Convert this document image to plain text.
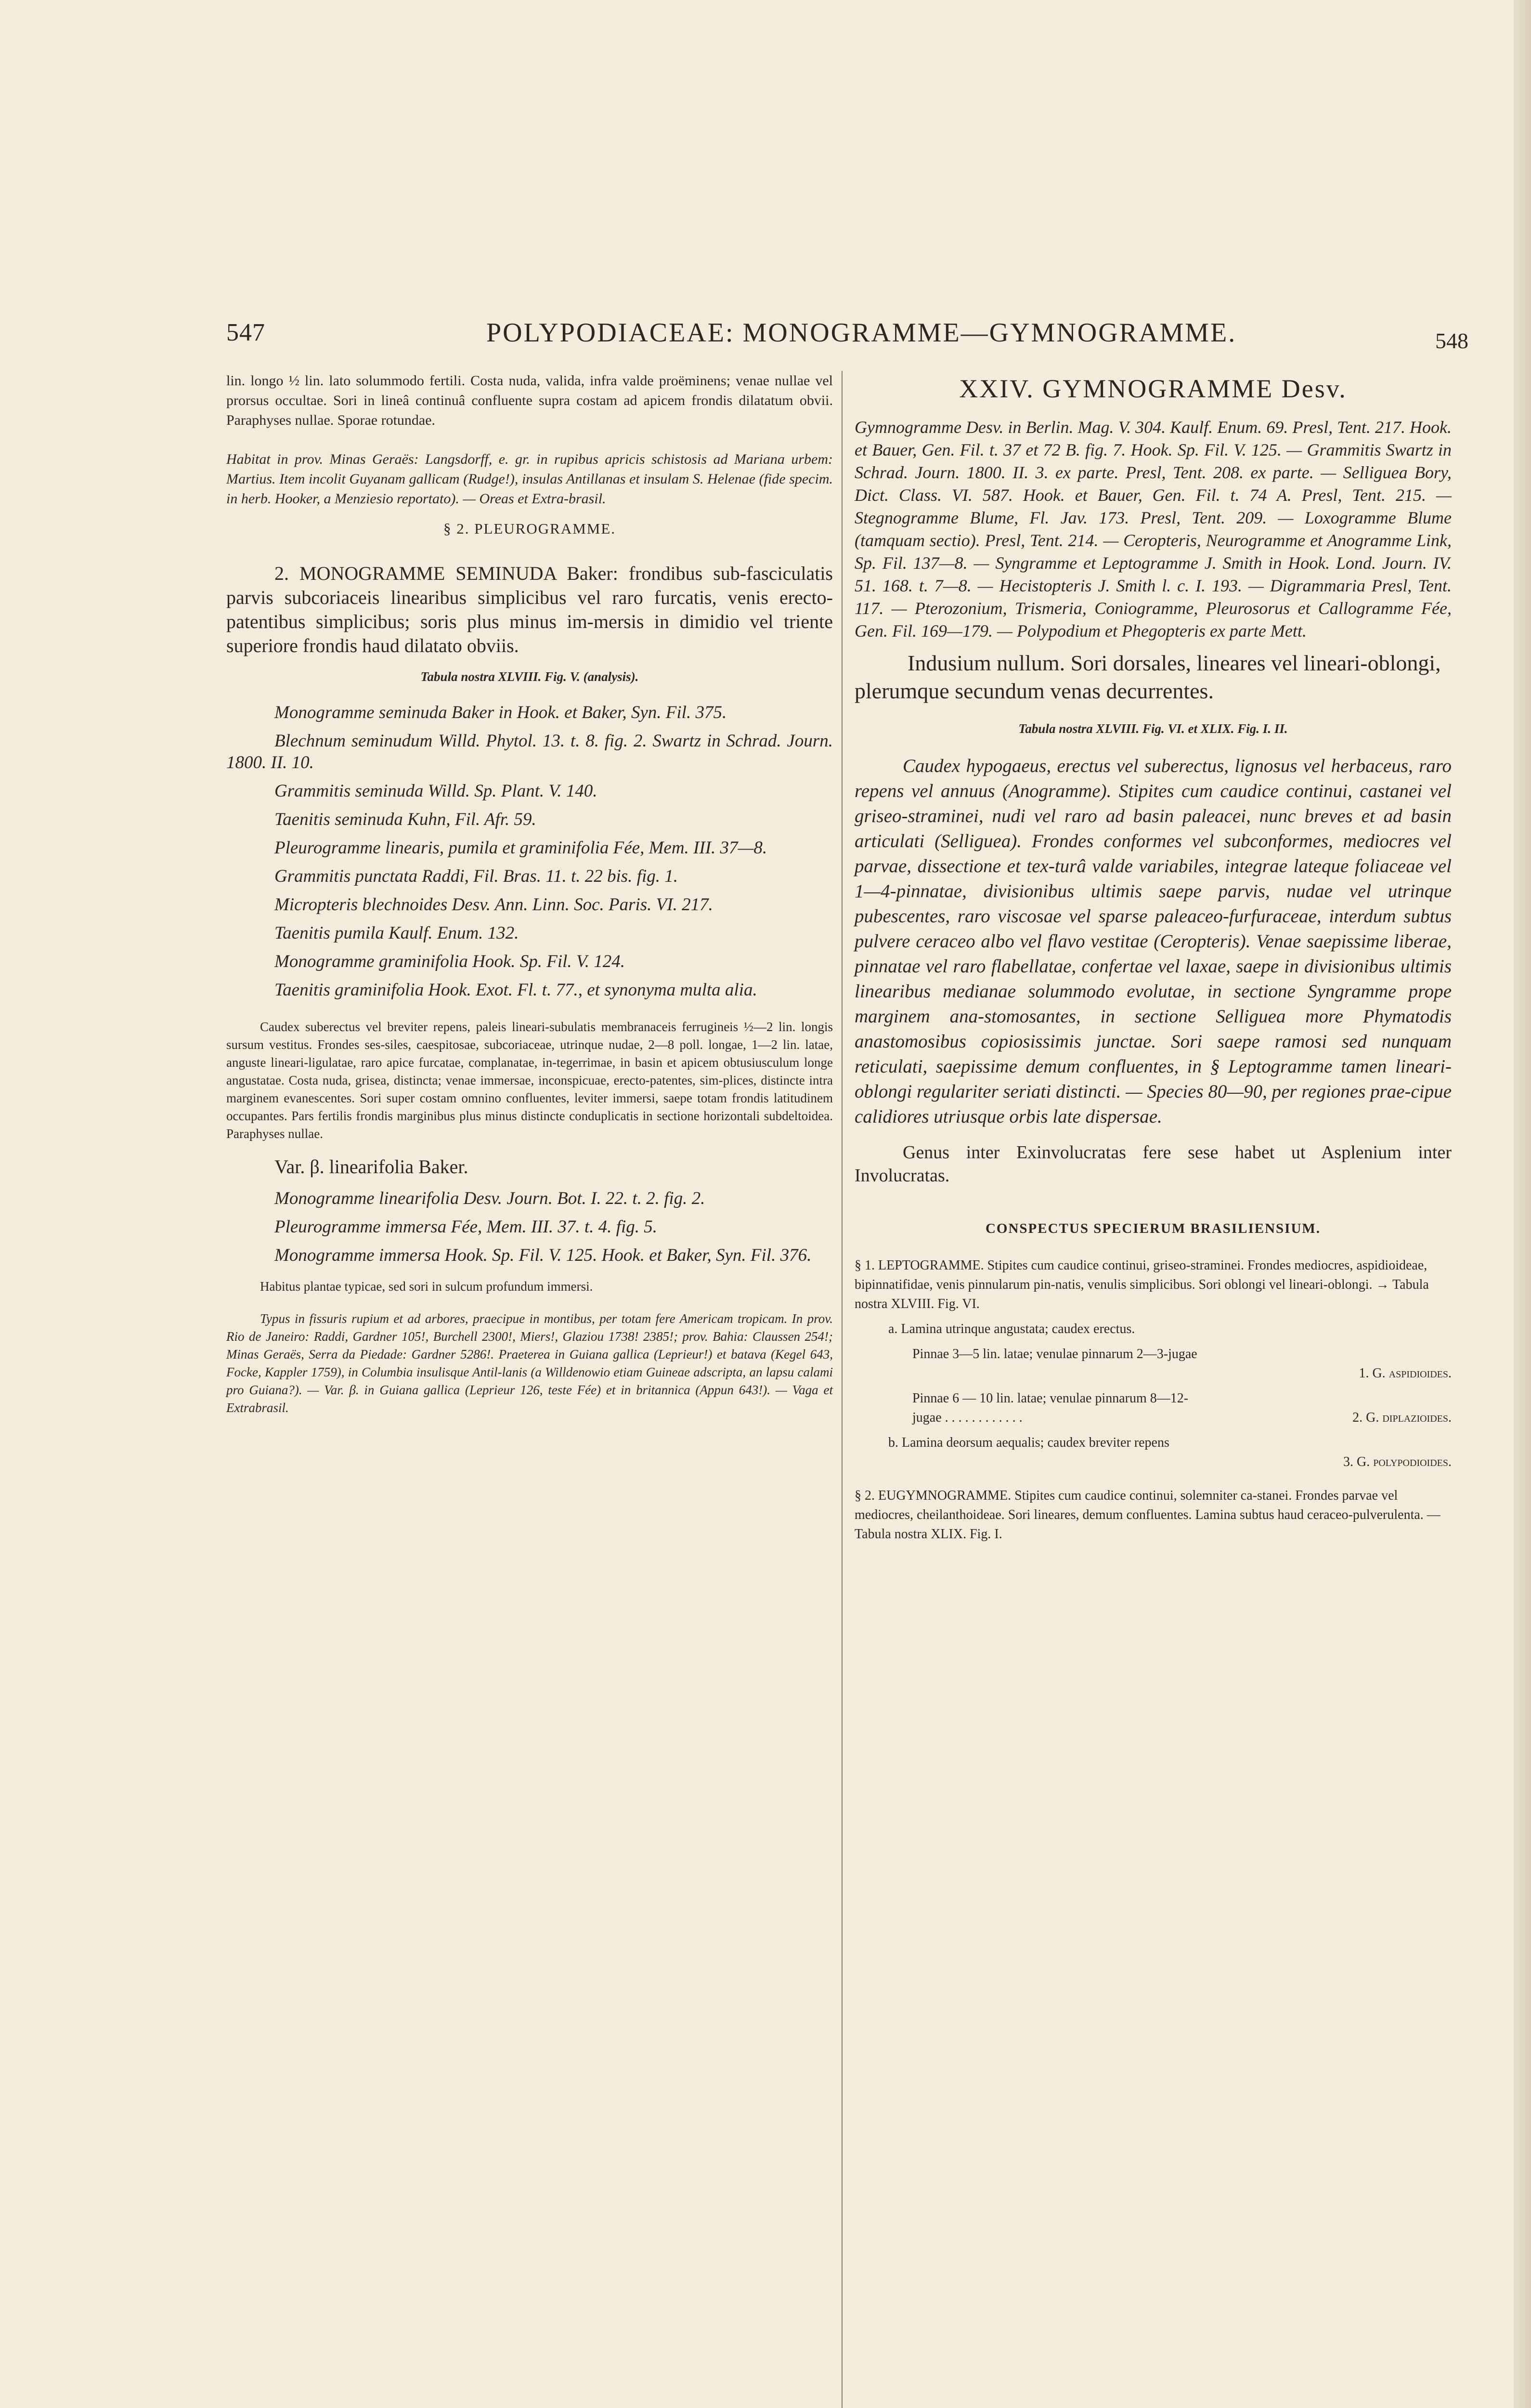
547	POLYPODIACEAE: MONOGRAMME—GYMNOGRAMME.	548

lin. longo ½ lin. lato solummodo fertili. Costa nuda, valida, infra valde proëminens; venae nullae vel prorsus occultae. Sori in lineâ continuâ confluente supra costam ad apicem frondis dilatatum obvii. Paraphyses nullae. Sporae rotundae.

Habitat in prov. Minas Geraës: Langsdorff, e. gr. in rupibus apricis schistosis ad Mariana urbem: Martius. Item incolit Guyanam gallicam (Rudge!), insulas Antillanas et insulam S. Helenae (fide specim. in herb. Hooker, a Menziesio reportato). — Oreas et Extra-brasil.

§ 2. PLEUROGRAMME.

2. MONOGRAMME SEMINUDA Baker: frondibus sub-fasciculatis parvis subcoriaceis linearibus simplicibus vel raro furcatis, venis erecto-patentibus simplicibus; soris plus minus im-mersis in dimidio vel triente superiore frondis haud dilatato obviis.

Tabula nostra XLVIII. Fig. V. (analysis).

Monogramme seminuda Baker in Hook. et Baker, Syn. Fil. 375.

Blechnum seminudum Willd. Phytol. 13. t. 8. fig. 2. Swartz in Schrad. Journ. 1800. II. 10.

Grammitis seminuda Willd. Sp. Plant. V. 140.

Taenitis seminuda Kuhn, Fil. Afr. 59.

Pleurogramme linearis, pumila et graminifolia Fée, Mem. III. 37—8.

Grammitis punctata Raddi, Fil. Bras. 11. t. 22 bis. fig. 1.

Micropteris blechnoides Desv. Ann. Linn. Soc. Paris. VI. 217.

Taenitis pumila Kaulf. Enum. 132.

Monogramme graminifolia Hook. Sp. Fil. V. 124.

Taenitis graminifolia Hook. Exot. Fl. t. 77., et synonyma multa alia.

Caudex suberectus vel breviter repens, paleis lineari-subulatis membranaceis ferrugineis ½—2 lin. longis sursum vestitus. Frondes ses-siles, caespitosae, subcoriaceae, utrinque nudae, 2—8 poll. longae, 1—2 lin. latae, anguste lineari-ligulatae, raro apice furcatae, complanatae, in-tegerrimae, in basin et apicem obtusiusculum longe angustatae. Costa nuda, grisea, distincta; venae immersae, inconspicuae, erecto-patentes, sim-plices, distincte intra marginem evanescentes. Sori super costam omnino confluentes, leviter immersi, saepe totam frondis latitudinem occupantes. Pars fertilis frondis marginibus plus minus distincte conduplicatis in sectione horizontali subdeltoidea. Paraphyses nullae.

Var. β. linearifolia Baker.

Monogramme linearifolia Desv. Journ. Bot. I. 22. t. 2. fig. 2.

Pleurogramme immersa Fée, Mem. III. 37. t. 4. fig. 5.

Monogramme immersa Hook. Sp. Fil. V. 125. Hook. et Baker, Syn. Fil. 376.

Habitus plantae typicae, sed sori in sulcum profundum immersi.

Typus in fissuris rupium et ad arbores, praecipue in montibus, per totam fere Americam tropicam. In prov. Rio de Janeiro: Raddi, Gardner 105!, Burchell 2300!, Miers!, Glaziou 1738! 2385!; prov. Bahia: Claussen 254!; Minas Geraës, Serra da Piedade: Gardner 5286!. Praeterea in Guiana gallica (Leprieur!) et batava (Kegel 643, Focke, Kappler 1759), in Columbia insulisque Antil-lanis (a Willdenowio etiam Guineae adscripta, an lapsu calami pro Guiana?). — Var. β. in Guiana gallica (Leprieur 126, teste Fée) et in britannica (Appun 643!). — Vaga et Extrabrasil.

XXIV. GYMNOGRAMME Desv.

Gymnogramme Desv. in Berlin. Mag. V. 304. Kaulf. Enum. 69. Presl, Tent. 217. Hook. et Bauer, Gen. Fil. t. 37 et 72 B. fig. 7. Hook. Sp. Fil. V. 125. — Grammitis Swartz in Schrad. Journ. 1800. II. 3. ex parte. Presl, Tent. 208. ex parte. — Selliguea Bory, Dict. Class. VI. 587. Hook. et Bauer, Gen. Fil. t. 74 A. Presl, Tent. 215. — Stegnogramme Blume, Fl. Jav. 173. Presl, Tent. 209. — Loxogramme Blume (tamquam sectio). Presl, Tent. 214. — Ceropteris, Neurogramme et Anogramme Link, Sp. Fil. 137—8. — Syngramme et Leptogramme J. Smith in Hook. Lond. Journ. IV. 51. 168. t. 7—8. — Hecistopteris J. Smith l. c. I. 193. — Digrammaria Presl, Tent. 117. — Pterozonium, Trismeria, Coniogramme, Pleurosorus et Callogramme Fée, Gen. Fil. 169—179. — Polypodium et Phegopteris ex parte Mett.

Indusium nullum. Sori dorsales, lineares vel lineari-oblongi, plerumque secundum venas decurrentes.

Tabula nostra XLVIII. Fig. VI. et XLIX. Fig. I. II.

Caudex hypogaeus, erectus vel suberectus, lignosus vel herbaceus, raro repens vel annuus (Anogramme). Stipites cum caudice continui, castanei vel griseo-straminei, nudi vel raro ad basin paleacei, nunc breves et ad basin articulati (Selliguea). Frondes conformes vel subconformes, mediocres vel parvae, dissectione et tex-turâ valde variabiles, integrae lateque foliaceae vel 1—4-pinnatae, divisionibus ultimis saepe parvis, nudae vel utrinque pubescentes, raro viscosae vel sparse paleaceo-furfuraceae, interdum subtus pulvere ceraceo albo vel flavo vestitae (Ceropteris). Venae saepissime liberae, pinnatae vel raro flabellatae, confertae vel laxae, saepe in divisionibus ultimis linearibus medianae solummodo evolutae, in sectione Syngramme prope marginem ana-stomosantes, in sectione Selliguea more Phymatodis anastomosibus copiosissimis junctae. Sori saepe ramosi sed nunquam reticulati, saepissime demum confluentes, in § Leptogramme tamen lineari-oblongi regulariter seriati distincti. — Species 80—90, per regiones prae-cipue calidiores utriusque orbis late dispersae.

Genus inter Exinvolucratas fere sese habet ut Asplenium inter Involucratas.

CONSPECTUS SPECIERUM BRASILIENSIUM.

§ 1. LEPTOGRAMME. Stipites cum caudice continui, griseo-straminei. Frondes mediocres, aspidioideae, bipinnatifidae, venis pinnularum pin-natis, venulis simplicibus. Sori oblongi vel lineari-oblongi. → Tabula nostra XLVIII. Fig. VI.

a. Lamina utrinque angustata; caudex erectus.

Pinnae 3—5 lin. latae; venulae pinnarum 2—3-jugae

1. G. aspidioides.

Pinnae 6 — 10 lin. latae; venulae pinnarum 8—12-

jugae . . . . . . . . . . . .	2. G. diplazioides.

b. Lamina deorsum aequalis; caudex breviter repens

3. G. polypodioides.

§ 2. EUGYMNOGRAMME. Stipites cum caudice continui, solemniter ca-stanei. Frondes parvae vel mediocres, cheilanthoideae. Sori lineares, demum confluentes. Lamina subtus haud ceraceo-pulverulenta. — Tabula nostra XLIX. Fig. I.
